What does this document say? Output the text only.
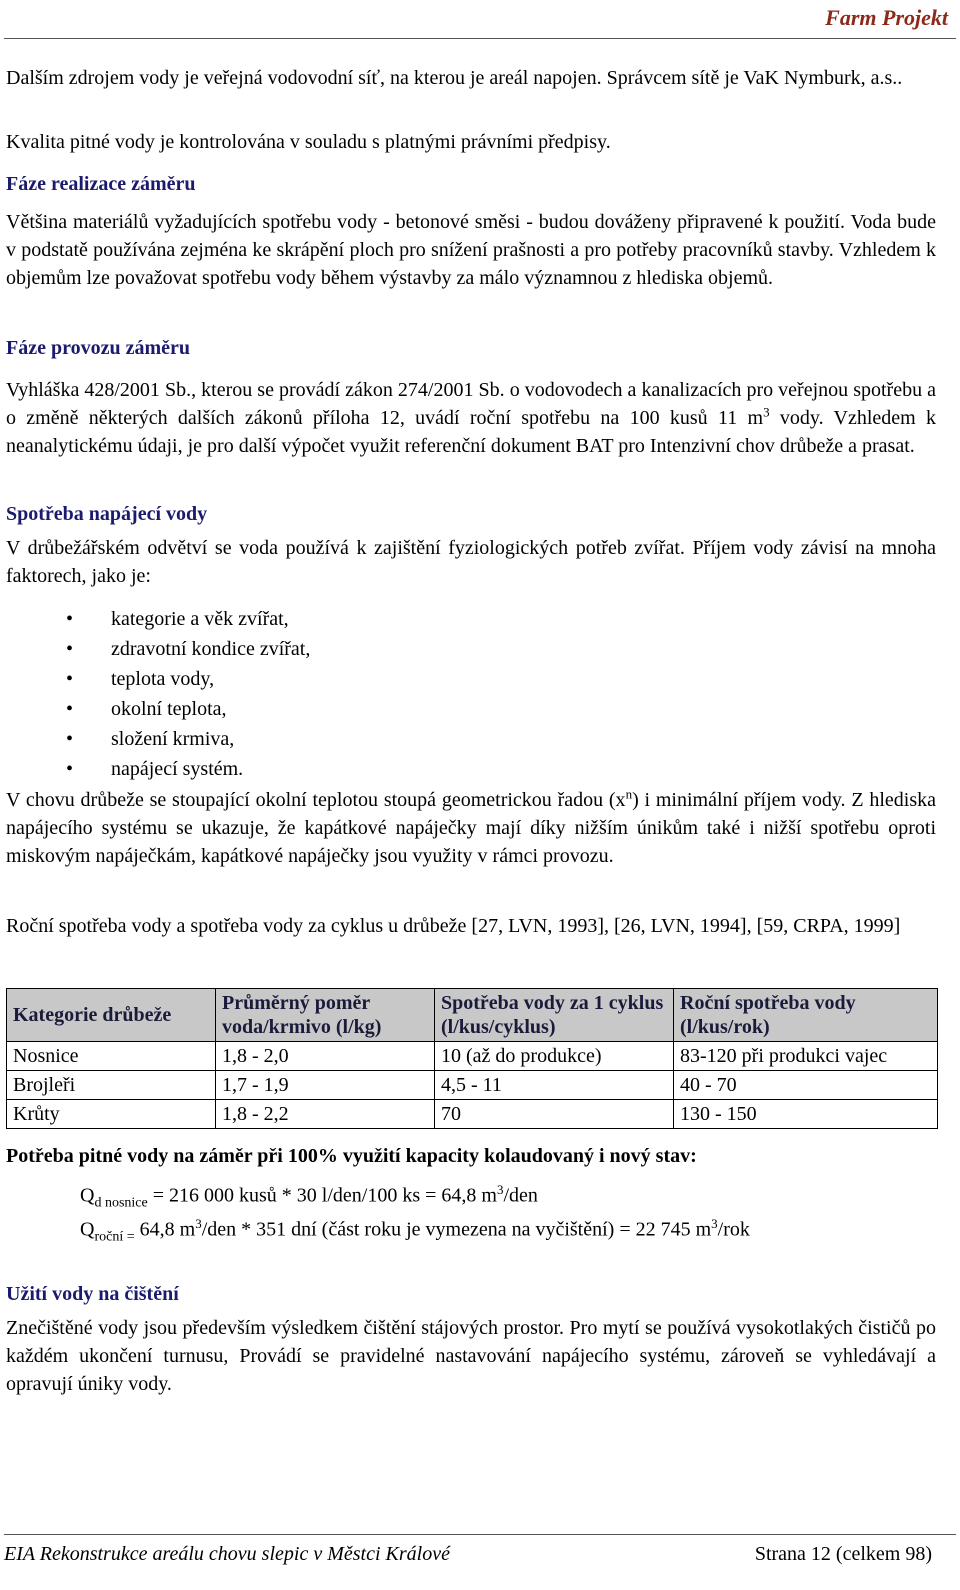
Farm Projekt

Dalším zdrojem vody je veřejná vodovodní síť, na kterou je areál napojen. Správcem sítě je VaK Nymburk, a.s..

Kvalita pitné vody je kontrolována v souladu s platnými právními předpisy.

Fáze realizace záměru

Většina materiálů vyžadujících spotřebu vody - betonové směsi - budou dováženy připravené k použití. Voda bude v podstatě používána zejména ke skrápění ploch pro snížení prašnosti a pro potřeby pracovníků stavby. Vzhledem k objemům lze považovat spotřebu vody během výstavby za málo významnou z hlediska objemů.

Fáze provozu záměru

Vyhláška 428/2001 Sb., kterou se provádí zákon 274/2001 Sb. o vodovodech a kanalizacích pro veřejnou spotřebu a o změně některých dalších zákonů příloha 12, uvádí roční spotřebu na 100 kusů 11 $m^3$ vody. Vzhledem k neanalytickému údaji, je pro další výpočet využit referenční dokument BAT pro Intenzivní chov drůbeže a prasat.

Spotřeba napájecí vody

V drůbežářském odvětví se voda používá k zajištění fyziologických potřeb zvířat. Příjem vody závisí na mnoha faktorech, jako je:

• kategorie a věk zvířat,
• zdravotní kondice zvířat,
• teplota vody,
• okolní teplota,
• složení krmiva,
• napájecí systém.

V chovu drůbeže se stoupající okolní teplotou stoupá geometrickou řadou $(x^n)$ i minimální příjem vody. Z hlediska napájecího systému se ukazuje, že kapátkové napáječky mají díky nižším únikům také i nižší spotřebu oproti miskovým napáječkám, kapátkové napáječky jsou využity v rámci provozu.

Roční spotřeba vody a spotřeba vody za cyklus u drůbeže [27, LVN, 1993], [26, LVN, 1994], [59, CRPA, 1999]

Kategorie drůbeže	Průměrný poměr voda/krmivo (l/kg)	Spotřeba vody za 1 cyklus (l/kus/cyklus)	Roční spotřeba vody (l/kus/rok)
Nosnice	1,8 - 2,0	10 (až do produkce)	83-120 při produkci vajec
Brojleři	1,7 - 1,9	4,5 - 11	40 - 70
Krůty	1,8 - 2,2	70	130 - 150

Potřeba pitné vody na záměr při 100% využití kapacity kolaudovaný i nový stav:

$Q_{d nosnice} = 216$ 000 kusů * 30 l/den/100 ks = 64,8 $m^3$/den
$Q_{roční =}$ 64,8 $m^3$/den * 351 dní (část roku je vymezena na vyčištění) = 22 745 $m^3$/rok

Užití vody na čištění

Znečištěné vody jsou především výsledkem čištění stájových prostor. Pro mytí se používá vysokotlakých čističů po každém ukončení turnusu, Provádí se pravidelné nastavování napájecího systému, zároveň se vyhledávají a opravují úniky vody.

EIA Rekonstrukce areálu chovu slepic v Městci Králové	Strana 12 (celkem 98)
